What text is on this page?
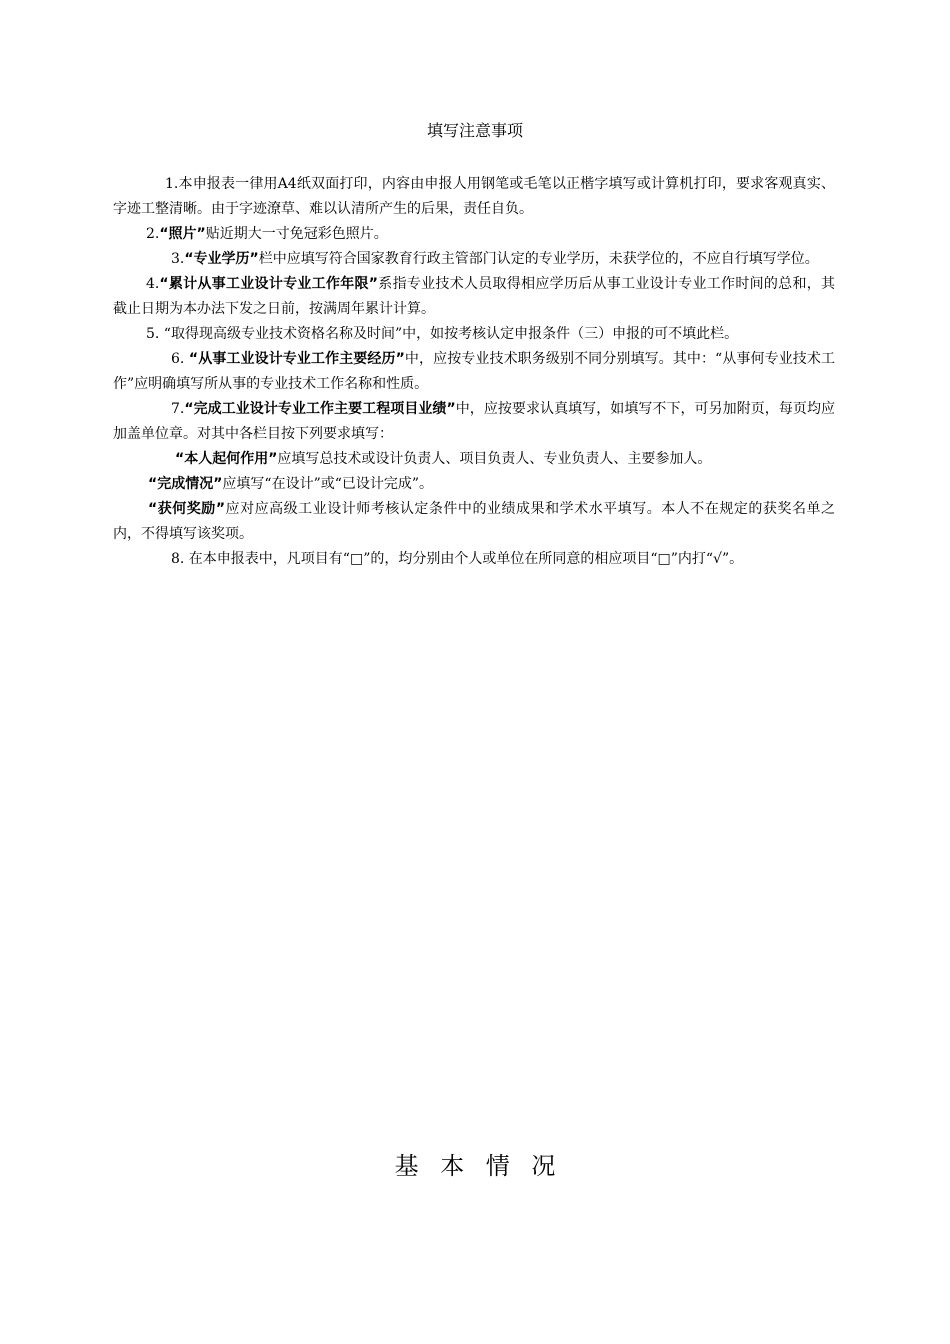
填写注意事项

1.本申报表一律用A4纸双面打印，内容由申报人用钢笔或毛笔以正楷字填写或计算机打印，要求客观真实、字迹工整清晰。由于字迹潦草、难以认清所产生的后果，责任自负。

2.“照片”贴近期大一寸免冠彩色照片。

3.“专业学历”栏中应填写符合国家教育行政主管部门认定的专业学历，未获学位的，不应自行填写学位。

4.“累计从事工业设计专业工作年限”系指专业技术人员取得相应学历后从事工业设计专业工作时间的总和，其截止日期为本办法下发之日前，按满周年累计计算。

5. “取得现高级专业技术资格名称及时间”中，如按考核认定申报条件（三）申报的可不填此栏。

6. “从事工业设计专业工作主要经历”中，应按专业技术职务级别不同分别填写。其中：“从事何专业技术工作”应明确填写所从事的专业技术工作名称和性质。

7.“完成工业设计专业工作主要工程项目业绩”中，应按要求认真填写，如填写不下，可另加附页，每页均应加盖单位章。对其中各栏目按下列要求填写：

“本人起何作用”应填写总技术或设计负责人、项目负责人、专业负责人、主要参加人。

“完成情况”应填写“在设计”或“已设计完成”。

“获何奖励”应对应高级工业设计师考核认定条件中的业绩成果和学术水平填写。本人不在规定的获奖名单之内，不得填写该奖项。

8. 在本申报表中，凡项目有“□”的，均分别由个人或单位在所同意的相应项目“□”内打“√”。

基本情况
